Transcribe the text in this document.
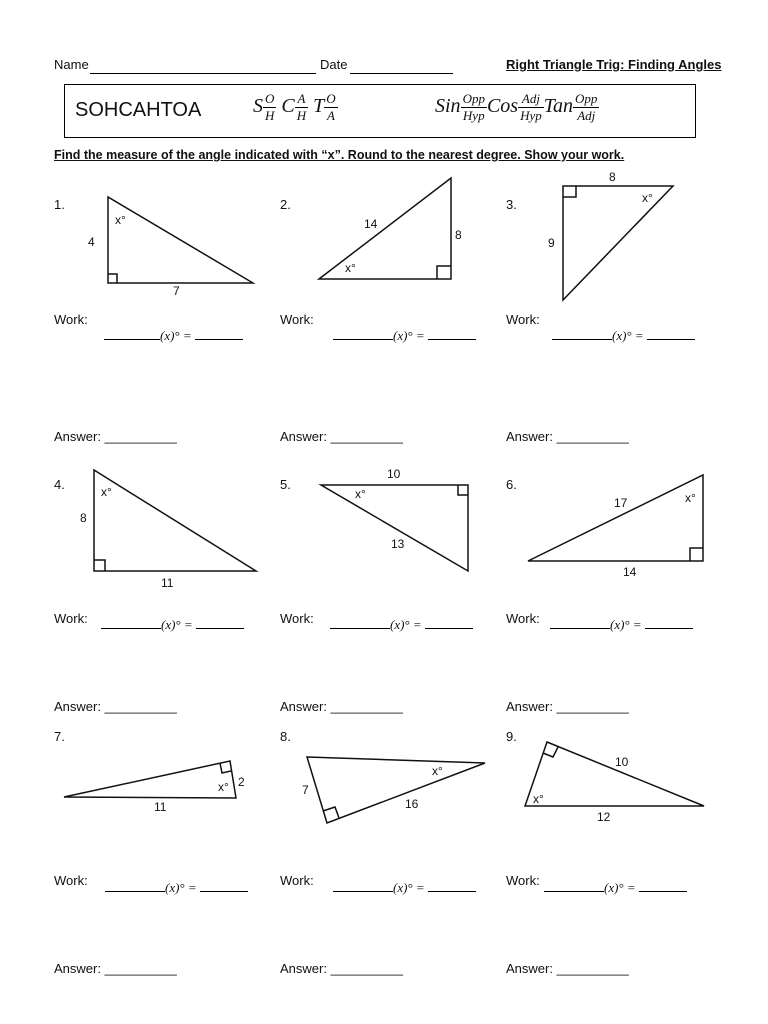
Name	Date	Right Triangle Trig: Finding Angles
SOHCAHTOA	S $\frac{O}{H}$ C $\frac{A}{H}$ T $\frac{O}{A}$	Sin $\frac{\text{Opp}}{\text{Hyp}}$ Cos $\frac{\text{Adj}}{\text{Hyp}}$ Tan $\frac{\text{Opp}}{\text{Adj}}$
Find the measure of the angle indicated with “x”. Round to the nearest degree. Show your work.
1.	2.	3.
4.	5.	6.
7.	8.	9.
x°
4
7
14
8
x°
8
x°
9
x°
8
11
10
x°
13
17	x°
14
x° 2
11
x°
7
16
10
x°
12
Work:	Work:	Work:
(x)° =	(x)° =	(x)° =
Answer: __________	Answer: __________	Answer: __________
Work:	Work:	Work:
(x)° =	(x)° =	(x)° =
Answer: __________	Answer: __________	Answer: __________
Work:	Work:	Work:
(x)° =	(x)° =	(x)° =
Answer: __________	Answer: __________	Answer: __________
